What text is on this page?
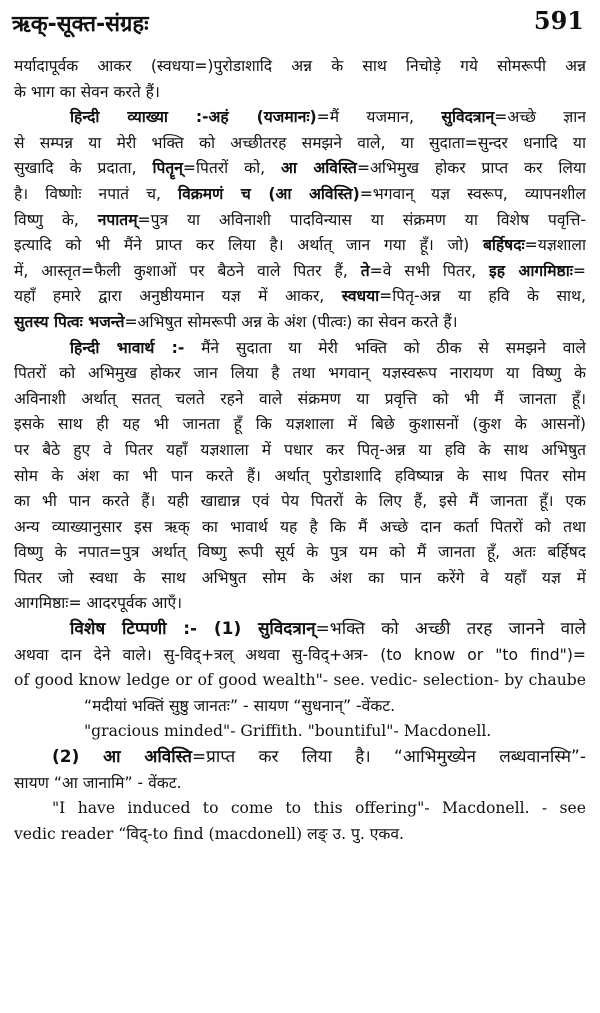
ऋक्-सूक्त-संग्रहः	591
मर्यादापूर्वक आकर (स्वधया=)पुरोडाशादि अन्न के साथ निचोड़े गये सोमरूपी अन्न
के भाग का सेवन करते हैं।
हिन्दी व्याख्या :-अहं (यजमानः)=मैं यजमान, सुविदत्रान्=अच्छे ज्ञान
से सम्पन्न या मेरी भक्ति को अच्छीतरह समझने वाले, या सुदाता=सुन्दर धनादि या
सुखादि के प्रदाता, पितॄन्=पितरों को, आ अविस्ति=अभिमुख होकर प्राप्त कर लिया
है। विष्णोः नपातं च, विक्रमणं च (आ अविस्ति)=भगवान् यज्ञ स्वरूप, व्यापनशील
विष्णु के, नपातम्=पुत्र या अविनाशी पादविन्यास या संक्रमण या विशेष पवृत्ति-
इत्यादि को भी मैंने प्राप्त कर लिया है। अर्थात् जान गया हूँ। जो) बर्हिषदः=यज्ञशाला
में, आस्तृत=फैली कुशाओं पर बैठने वाले पितर हैं, ते=वे सभी पितर, इह आगमिष्ठाः=
यहाँ हमारे द्वारा अनुष्ठीयमान यज्ञ में आकर, स्वधया=पितृ-अन्न या हवि के साथ,
सुतस्य पित्वः भजन्ते=अभिषुत सोमरूपी अन्न के अंश (पीत्वः) का सेवन करते हैं।
हिन्दी भावार्थ :- मैंने सुदाता या मेरी भक्ति को ठीक से समझने वाले
पितरों को अभिमुख होकर जान लिया है तथा भगवान् यज्ञस्वरूप नारायण या विष्णु के
अविनाशी अर्थात् सतत् चलते रहने वाले संक्रमण या प्रवृत्ति को भी मैं जानता हूँ।
इसके साथ ही यह भी जानता हूँ कि यज्ञशाला में बिछे कुशासनों (कुश के आसनों)
पर बैठे हुए वे पितर यहाँ यज्ञशाला में पधार कर पितृ-अन्न या हवि के साथ अभिषुत
सोम के अंश का भी पान करते हैं। अर्थात् पुरोडाशादि हविष्यान्न के साथ पितर सोम
का भी पान करते हैं। यही खाद्यान्न एवं पेय पितरों के लिए हैं, इसे मैं जानता हूँ। एक
अन्य व्याख्यानुसार इस ऋक् का भावार्थ यह है कि मैं अच्छे दान कर्ता पितरों को तथा
विष्णु के नपात=पुत्र अर्थात् विष्णु रूपी सूर्य के पुत्र यम को मैं जानता हूँ, अतः बर्हिषद
पितर जो स्वधा के साथ अभिषुत सोम के अंश का पान करेंगे वे यहाँ यज्ञ में
आगमिष्ठाः= आदरपूर्वक आएँ।
विशेष टिप्पणी :- (1) सुविदत्रान्=भक्ति को अच्छी तरह जानने वाले
अथवा दान देने वाले। सु-विद्+त्रल् अथवा सु-विद्+अत्र- (to know or "to find")=
of good know ledge or of good wealth"- see. vedic- selection- by chaube
“मदीयां भक्तिं सुष्ठु जानतः” - सायण “सुधनान्” -वेंकट.
"gracious minded"- Griffith. "bountiful"- Macdonell.
(2) आ अविस्ति=प्राप्त कर लिया है। “आभिमुख्येन लब्धवानस्मि”-
सायण “आ जानामि” - वेंकट.
"I have induced to come to this offering"- Macdonell. - see
vedic reader “विद्-to find (macdonell) लङ् उ. पु. एकव.
